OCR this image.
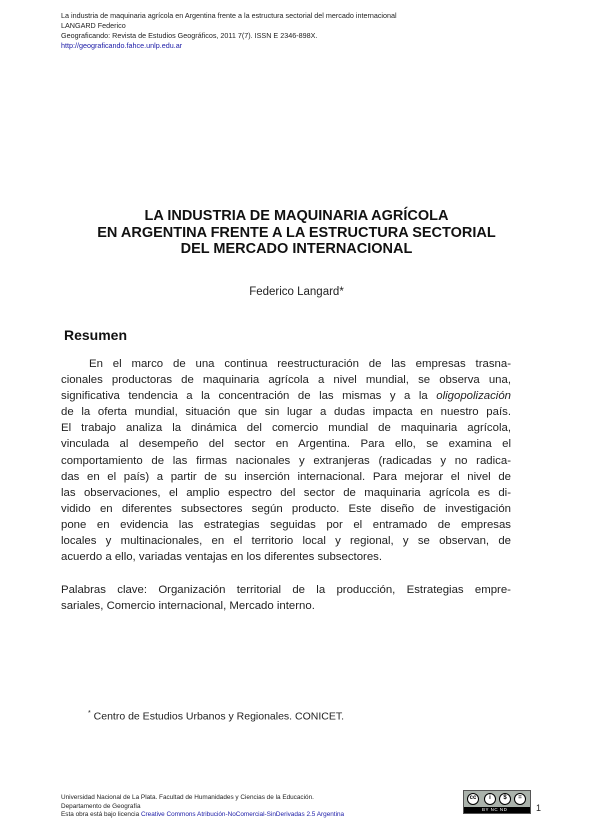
La industria de maquinaria agrícola en Argentina frente a la estructura sectorial del mercado internacional
LANGARD Federico
Geograficando: Revista de Estudios Geográficos, 2011 7(7). ISSN E 2346-898X.
http://geograficando.fahce.unlp.edu.ar
LA INDUSTRIA DE MAQUINARIA AGRÍCOLA
EN ARGENTINA FRENTE A LA ESTRUCTURA SECTORIAL
DEL MERCADO INTERNACIONAL
Federico Langard*
Resumen
En el marco de una continua reestructuración de las empresas trasna-
cionales productoras de maquinaria agrícola a nivel mundial, se observa una,
significativa tendencia a la concentración de las mismas y a la oligopolización
de la oferta mundial, situación que sin lugar a dudas impacta en nuestro país.
El trabajo analiza la dinámica del comercio mundial de maquinaria agrícola,
vinculada al desempeño del sector en Argentina. Para ello, se examina el
comportamiento de las firmas nacionales y extranjeras (radicadas y no radica-
das en el país) a partir de su inserción internacional. Para mejorar el nivel de
las observaciones, el amplio espectro del sector de maquinaria agrícola es di-
vidido en diferentes subsectores según producto. Este diseño de investigación
pone en evidencia las estrategias seguidas por el entramado de empresas
locales y multinacionales, en el territorio local y regional, y se observan, de
acuerdo a ello, variadas ventajas en los diferentes subsectores.
Palabras clave: Organización territorial de la producción, Estrategias empre-
sariales, Comercio internacional, Mercado interno.
* Centro de Estudios Urbanos y Regionales. CONICET.
Universidad Nacional de La Plata. Facultad de Humanidades y Ciencias de la Educación.
Departamento de Geografía
Esta obra está bajo licencia Creative Commons Atribución-NoComercial-SinDerivadas 2.5 Argentina
cc	i	$	=
BY NC ND	1
